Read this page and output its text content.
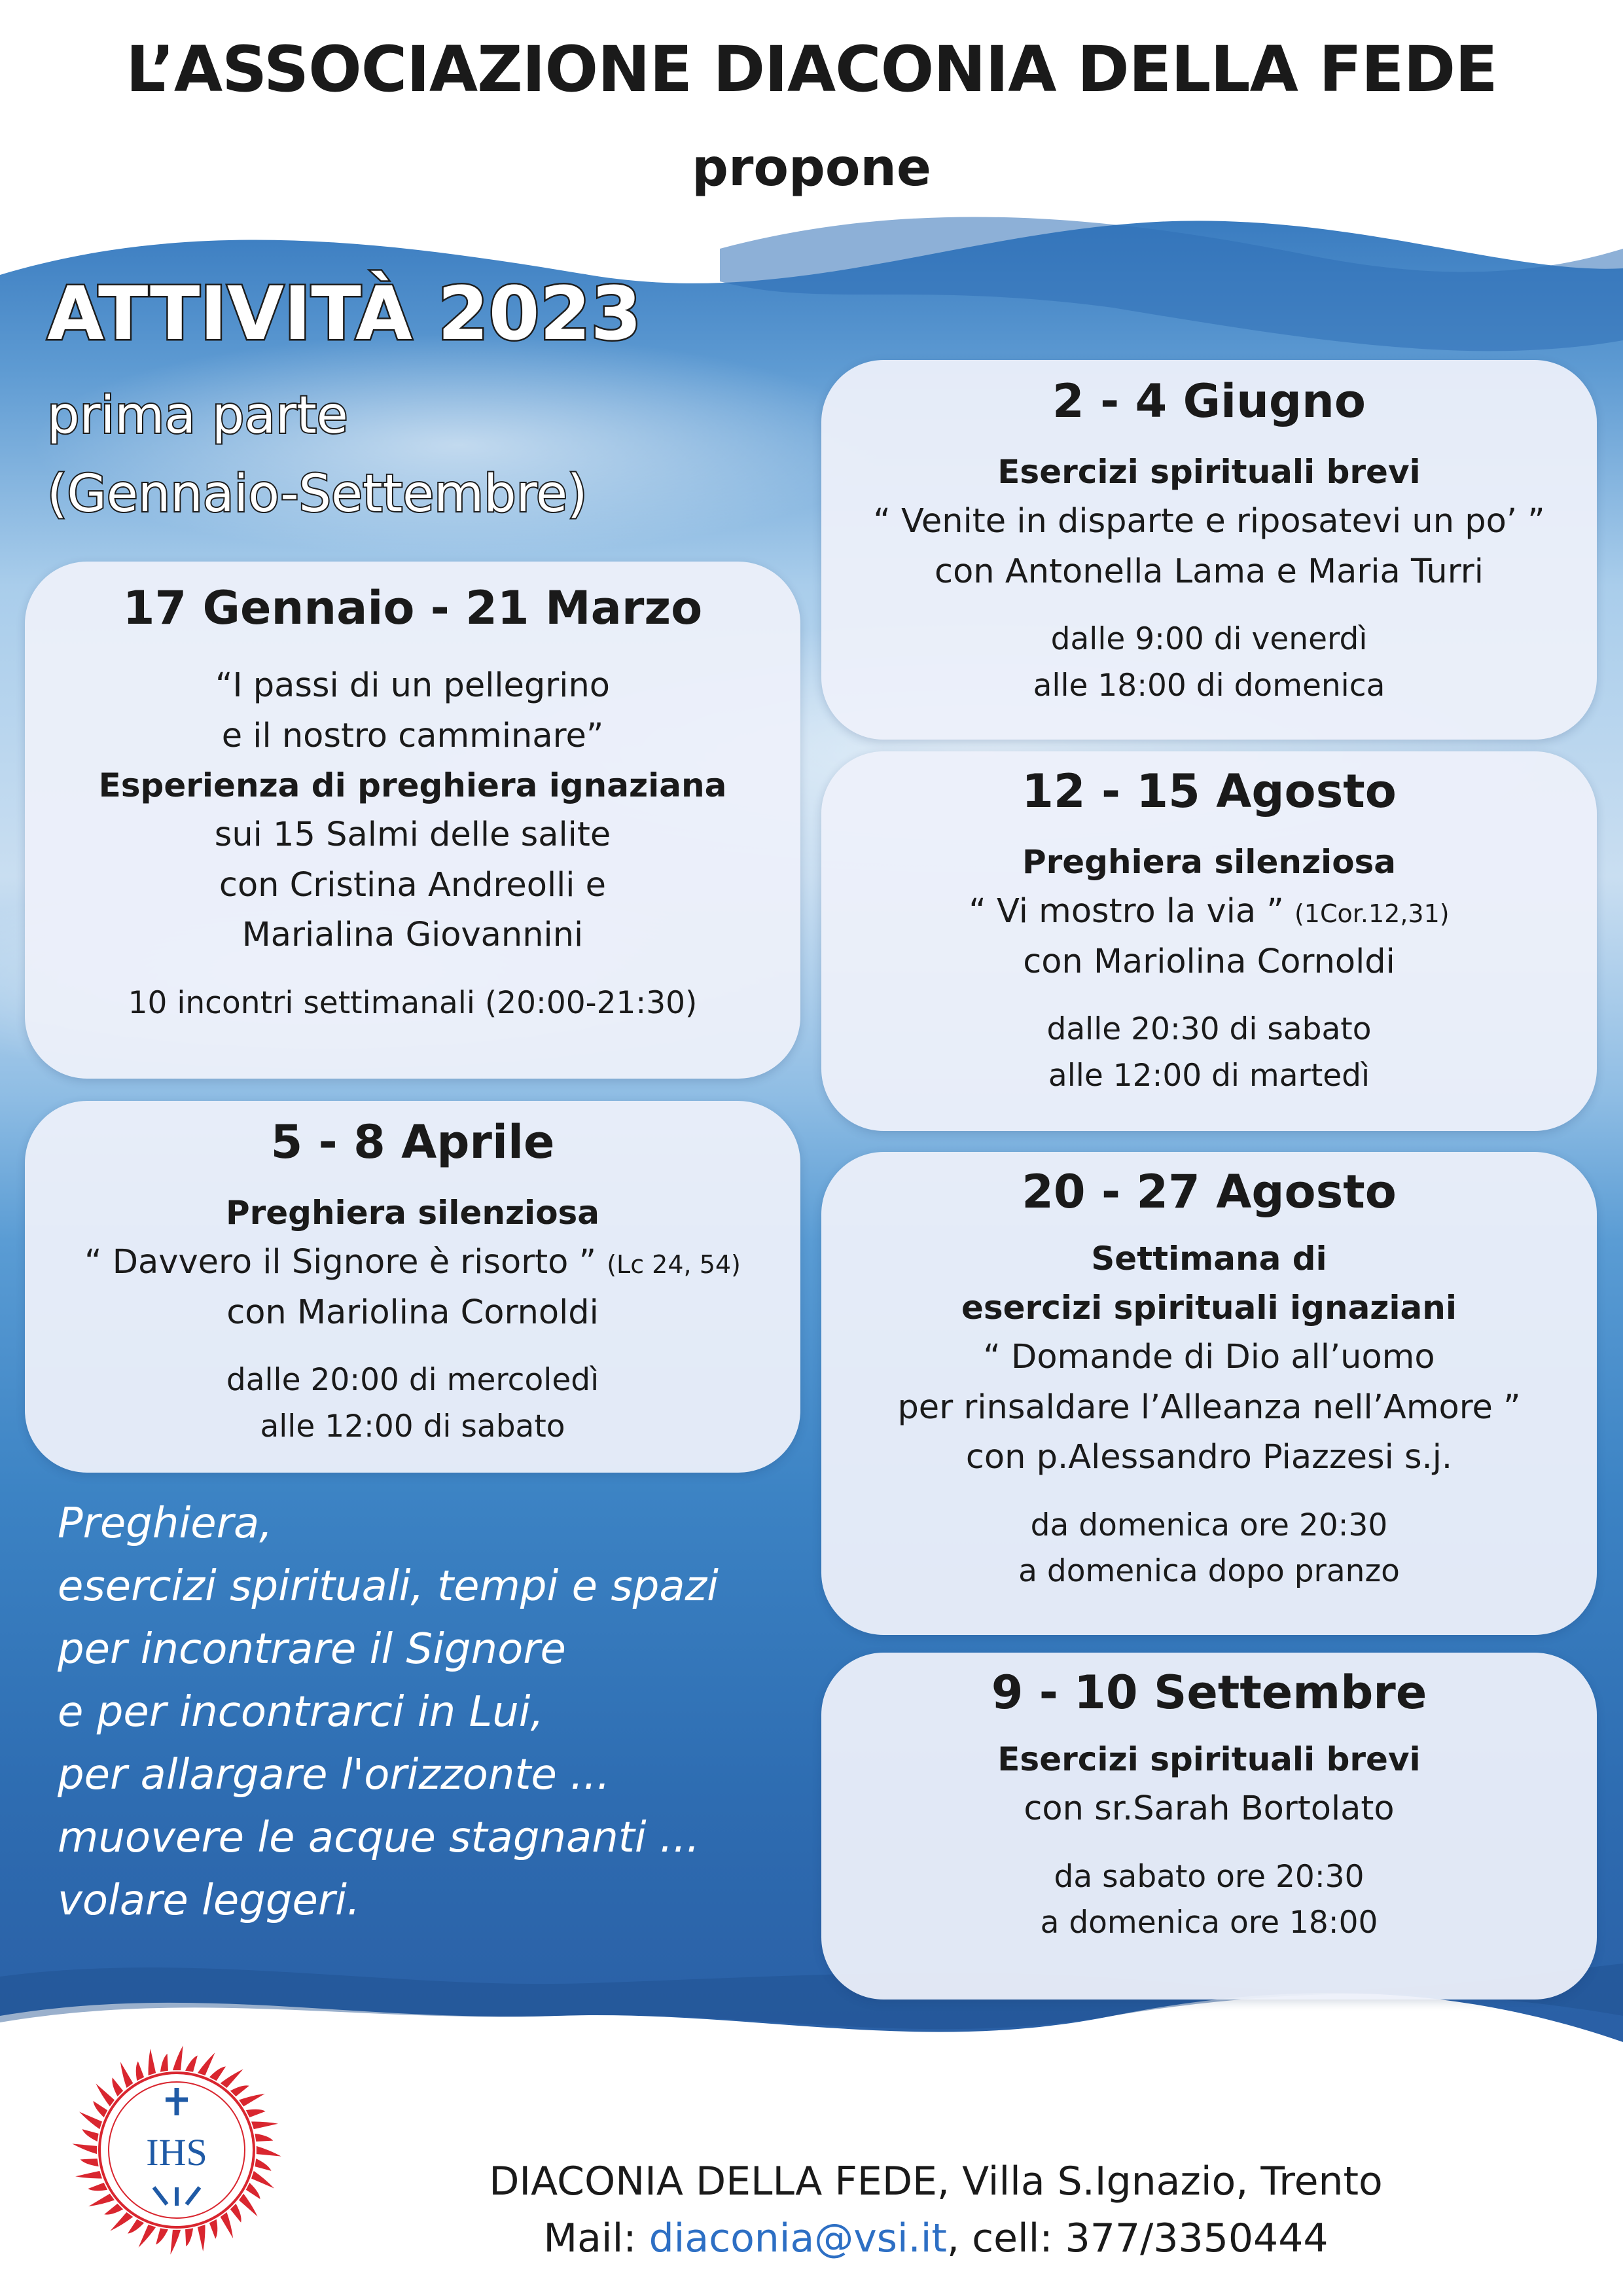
L’ASSOCIAZIONE DIACONIA DELLA FEDE
propone
ATTIVITÀ 2023
prima parte
(Gennaio-Settembre)
17 Gennaio - 21 Marzo
“I passi di un pellegrino
e il nostro camminare”
Esperienza di preghiera ignaziana
sui 15 Salmi delle salite
con Cristina Andreolli e
Marialina Giovannini
10 incontri settimanali (20:00-21:30)
5 - 8 Aprile
Preghiera silenziosa
“ Davvero il Signore è risorto ” (Lc 24, 54)
con Mariolina Cornoldi
dalle 20:00 di mercoledì
alle 12:00 di sabato
2 - 4 Giugno
Esercizi spirituali brevi
“ Venite in disparte e riposatevi un po’ ”
con Antonella Lama e Maria Turri
dalle 9:00 di venerdì
alle 18:00 di domenica
12 - 15 Agosto
Preghiera silenziosa
“ Vi mostro la via ” (1Cor.12,31)
con Mariolina Cornoldi
dalle 20:30 di sabato
alle 12:00 di martedì
20 - 27 Agosto
Settimana di
esercizi spirituali ignaziani
“ Domande di Dio all’uomo
per rinsaldare l’Alleanza nell’Amore ”
con p.Alessandro Piazzesi s.j.
da domenica ore 20:30
a domenica dopo pranzo
9 - 10 Settembre
Esercizi spirituali brevi
con sr.Sarah Bortolato
da sabato ore 20:30
a domenica ore 18:00
Preghiera,
esercizi spirituali, tempi e spazi
per incontrare il Signore
e per incontrarci in Lui,
per allargare l'orizzonte ...
muovere le acque stagnanti ...
volare leggeri.
IHS
DIACONIA DELLA FEDE, Villa S.Ignazio, Trento
Mail: diaconia@vsi.it, cell: 377/3350444
